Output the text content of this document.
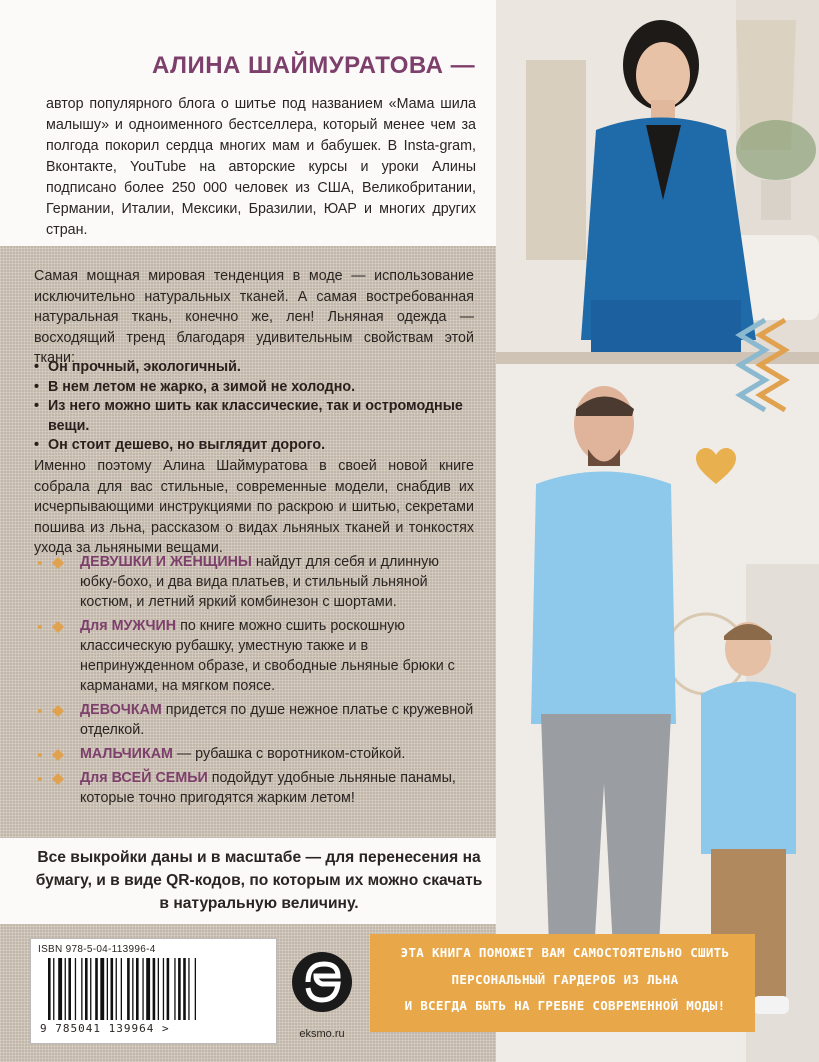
АЛИНА ШАЙМУРАТОВА —
автор популярного блога о шитье под названием «Мама шила малышу» и одноименного бестселлера, который менее чем за полгода покорил сердца многих мам и бабушек. В Insta-gram, Вконтакте, YouTube на авторские курсы и уроки Алины подписано более 250 000 человек из США, Великобритании, Германии, Италии, Мексики, Бразилии, ЮАР и многих других стран.
Самая мощная мировая тенденция в моде — использование исключительно натуральных тканей. А самая востребованная натуральная ткань, конечно же, лен! Льняная одежда — восходящий тренд благодаря удивительным свойствам этой ткани:
• Он прочный, экологичный.
• В нем летом не жарко, а зимой не холодно.
• Из него можно шить как классические, так и остромодные вещи.
• Он стоит дешево, но выглядит дорого.
Именно поэтому Алина Шаймуратова в своей новой книге собрала для вас стильные, современные модели, снабдив их исчерпывающими инструкциями по раскрою и шитью, секретами пошива из льна, рассказом о видах льняных тканей и тонкостях ухода за льняными вещами.
ДЕВУШКИ И ЖЕНЩИНЫ найдут для себя и длинную юбку-бохо, и два вида платьев, и стильный льняной костюм, и летний яркий комбинезон с шортами.
Для МУЖЧИН по книге можно сшить роскошную классическую рубашку, уместную также и в непринужденном образе, и свободные льняные брюки с карманами, на мягком поясе.
ДЕВОЧКАМ придется по душе нежное платье с кружевной отделкой.
МАЛЬЧИКАМ — рубашка с воротником-стойкой.
Для ВСЕЙ СЕМЬИ подойдут удобные льняные панамы, которые точно пригодятся жарким летом!
Все выкройки даны и в масштабе — для перенесения на бумагу, и в виде QR-кодов, по которым их можно скачать в натуральную величину.
ISBN 978-5-04-113996-4
9 785041 139964 >	eksmo.ru
ЭТА КНИГА ПОМОЖЕТ ВАМ САМОСТОЯТЕЛЬНО СШИТЬ
ПЕРСОНАЛЬНЫЙ ГАРДЕРОБ ИЗ ЛЬНА
И ВСЕГДА БЫТЬ НА ГРЕБНЕ СОВРЕМЕННОЙ МОДЫ!
